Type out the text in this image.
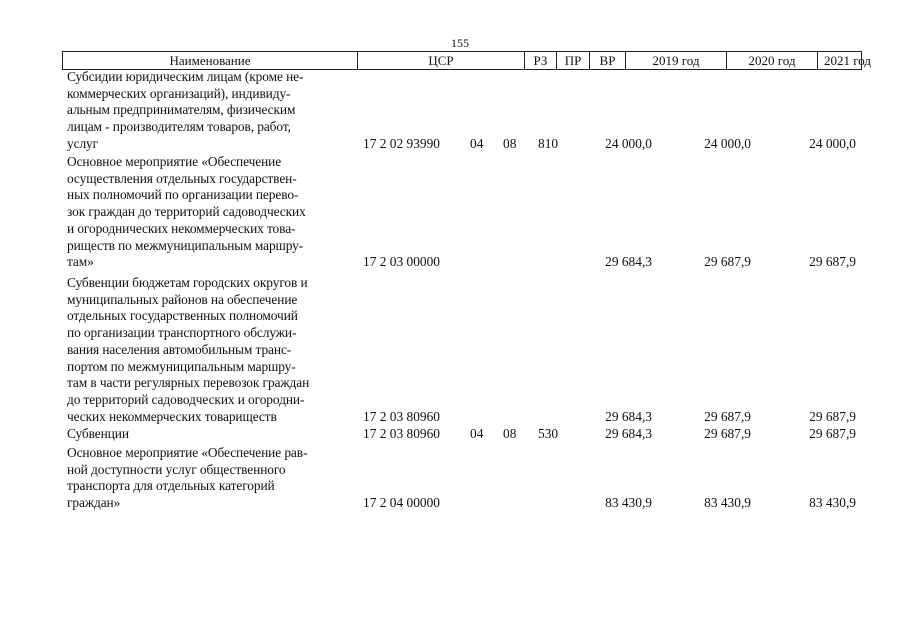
155
Наименование	ЦСР	РЗ	ПР	ВР	2019 год	2020 год	2021 год
Субсидии юридическим лицам (кроме не-
коммерческих организаций), индивиду-
альным предпринимателям, физическим
лицам - производителям товаров, работ,
услуг	17 2 02 93990 04 08 810	24 000,0	24 000,0	24 000,0
Основное мероприятие «Обеспечение
осуществления отдельных государствен-
ных полномочий по организации перево-
зок граждан до территорий садоводческих
и огороднических некоммерческих това-
риществ по межмуниципальным маршру-
там»	17 2 03 00000	29 684,3	29 687,9	29 687,9
Субвенции бюджетам городских округов и
муниципальных районов на обеспечение
отдельных государственных полномочий
по организации транспортного обслужи-
вания населения автомобильным транс-
портом по межмуниципальным маршру-
там в части регулярных перевозок граждан
до территорий садоводческих и огородни-
ческих некоммерческих товариществ	17 2 03 80960	29 684,3	29 687,9	29 687,9
Субвенции	17 2 03 80960 04 08 530	29 684,3	29 687,9	29 687,9
Основное мероприятие «Обеспечение рав-
ной доступности услуг общественного
транспорта для отдельных категорий
граждан»	17 2 04 00000	83 430,9	83 430,9	83 430,9
